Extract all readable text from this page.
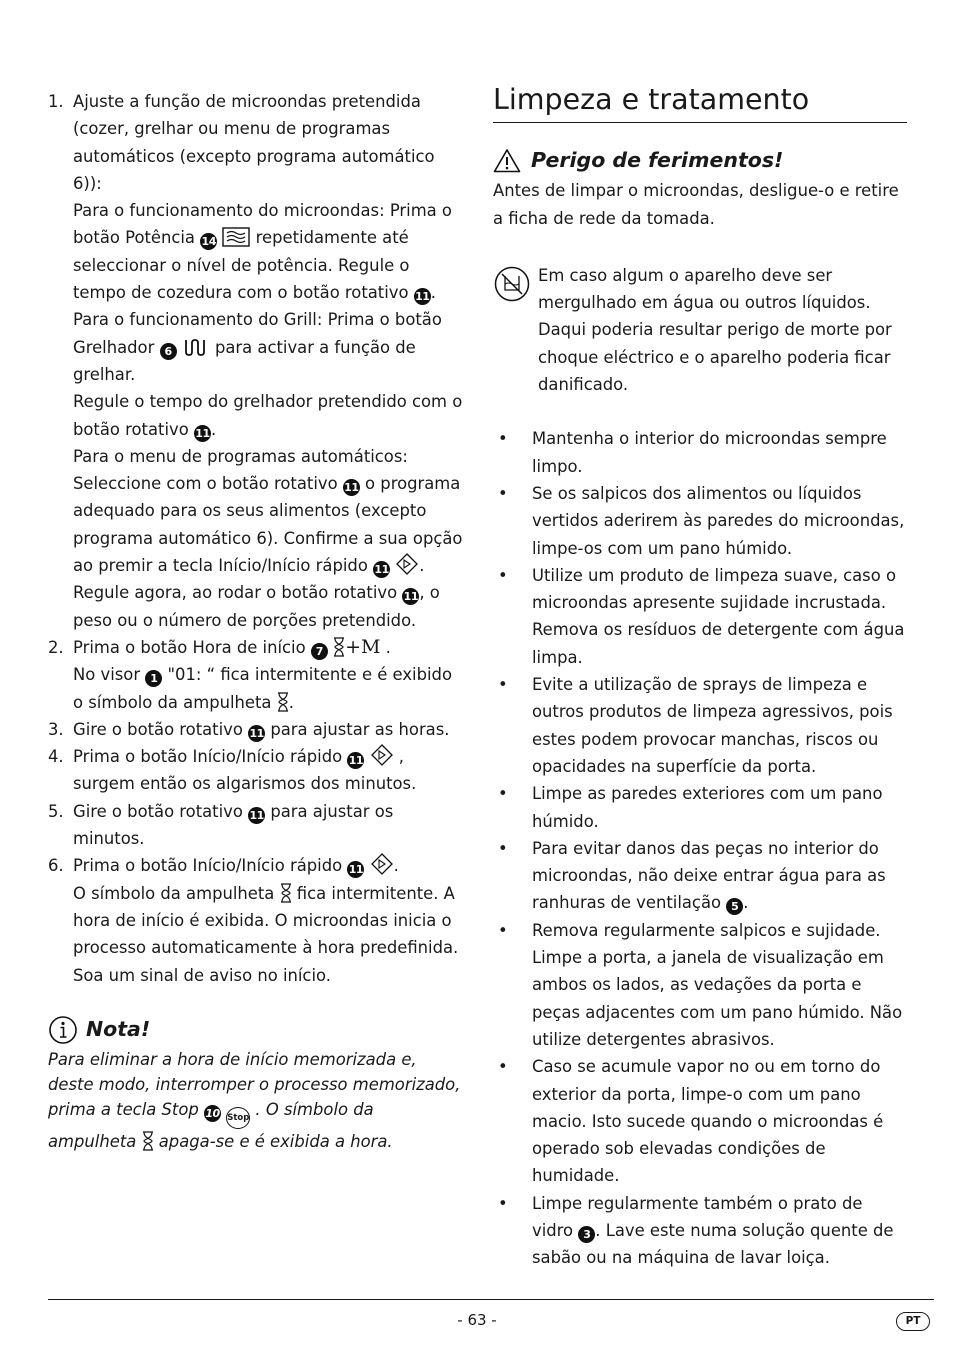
1. Ajuste a função de microondas pretendida (cozer, grelhar ou menu de programas automáticos (excepto programa automático 6)):
Para o funcionamento do microondas: Prima o botão Potência 14 repetidamente até seleccionar o nível de potência. Regule o tempo de cozedura com o botão rotativo 11.
Para o funcionamento do Grill: Prima o botão Grelhador 6	para activar a função de grelhar.
Regule o tempo do grelhador pretendido com o botão rotativo 11.
Para o menu de programas automáticos: Seleccione com o botão rotativo 11 o programa adequado para os seus alimentos (excepto programa automático 6). Confirme a sua opção ao premir a tecla Início/Início rápido 11 . Regule agora, ao rodar o botão rotativo 11, o peso ou o número de porções pretendido.
2. Prima o botão Hora de início 7 +M .
No visor 1 "01: “ fica intermitente e é exibido o símbolo da ampulheta .
3. Gire o botão rotativo 11 para ajustar as horas.
4. Prima o botão Início/Início rápido 11 , surgem então os algarismos dos minutos.
5. Gire o botão rotativo 11 para ajustar os minutos.
6. Prima o botão Início/Início rápido 11 .
O símbolo da ampulheta fica intermitente. A hora de início é exibida. O microondas inicia o processo automaticamente à hora predefinida. Soa um sinal de aviso no início.
Nota!
Para eliminar a hora de início memorizada e, deste modo, interromper o processo memorizado, prima a tecla Stop 10 Stop . O símbolo da ampulheta apaga-se e é exibida a hora.
Limpeza e tratamento
Perigo de ferimentos!

Antes de limpar o microondas, desligue-o e retire a ficha de rede da tomada.

Em caso algum o aparelho deve ser mergulhado em água ou outros líquidos. Daqui poderia resultar perigo de morte por choque eléctrico e o aparelho poderia ficar danificado.
• Mantenha o interior do microondas sempre limpo.
• Se os salpicos dos alimentos ou líquidos vertidos aderirem às paredes do microondas, limpe-os com um pano húmido.
• Utilize um produto de limpeza suave, caso o microondas apresente sujidade incrustada. Remova os resíduos de detergente com água limpa.
• Evite a utilização de sprays de limpeza e outros produtos de limpeza agressivos, pois estes podem provocar manchas, riscos ou opacidades na superfície da porta.
• Limpe as paredes exteriores com um pano húmido.
• Para evitar danos das peças no interior do microondas, não deixe entrar água para as ranhuras de ventilação 5 .
• Remova regularmente salpicos e sujidade. Limpe a porta, a janela de visualização em ambos os lados, as vedações da porta e peças adjacentes com um pano húmido. Não utilize detergentes abrasivos.
• Caso se acumule vapor no ou em torno do exterior da porta, limpe-o com um pano macio. Isto sucede quando o microondas é operado sob elevadas condições de humidade.
• Limpe regularmente também o prato de vidro 3 . Lave este numa solução quente de sabão ou na máquina de lavar loiça.
- 63 -	PT
